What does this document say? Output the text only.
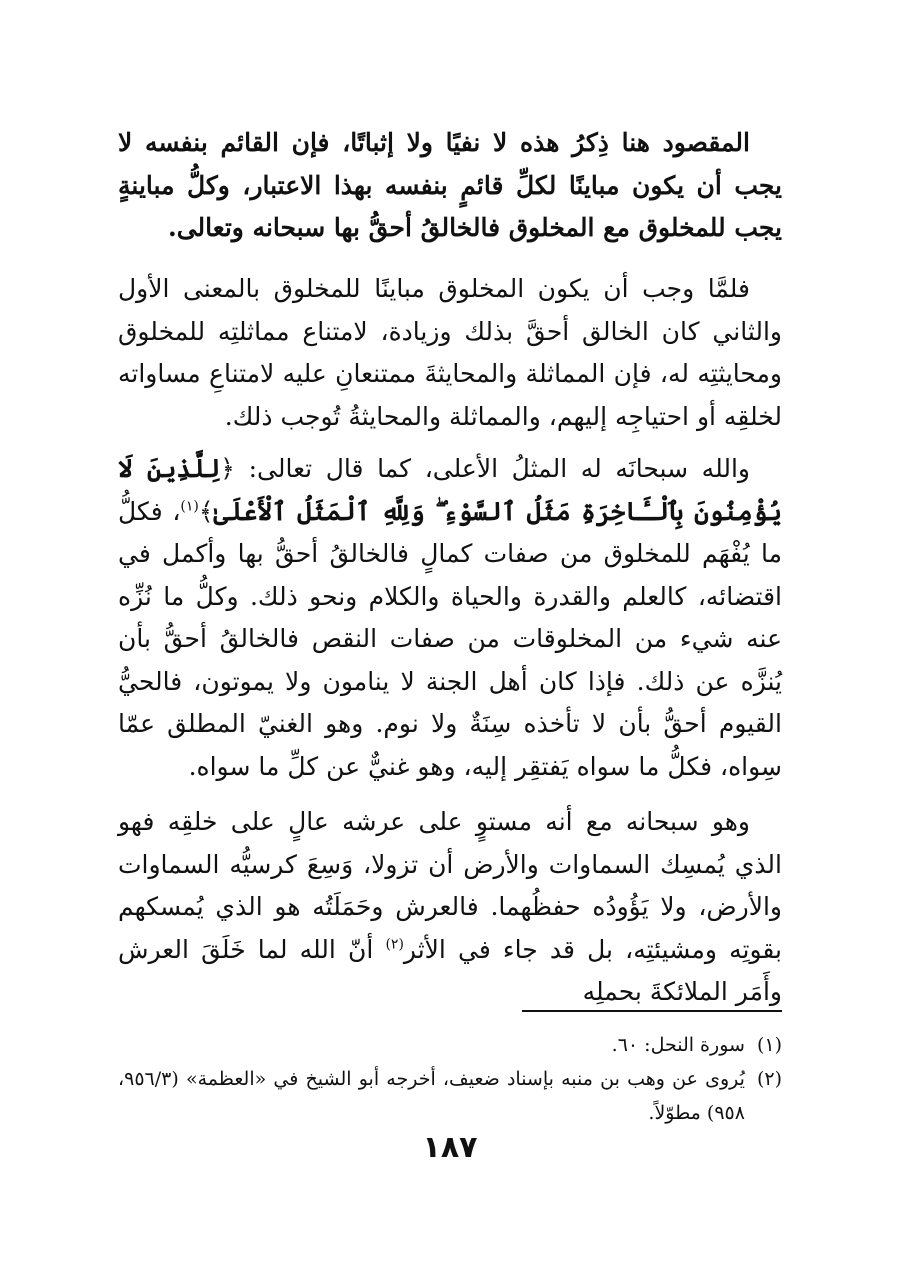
المقصود هنا ذِكرُ هذه لا نفيًا ولا إثباتًا، فإن القائم بنفسه لا يجب أن يكون مباينًا لكلِّ قائمٍ بنفسه بهذا الاعتبار، وكلُّ مباينةٍ يجب للمخلوق مع المخلوق فالخالقُ أحقُّ بها سبحانه وتعالى.

فلمَّا وجب أن يكون المخلوق مباينًا للمخلوق بالمعنى الأول والثاني كان الخالق أحقَّ بذلك وزيادة، لامتناع مماثلتِه للمخلوق ومحايثتِه له، فإن المماثلة والمحايثةَ ممتنعانِ عليه لامتناعِ مساواته لخلقِه أو احتياجِه إليهم، والمماثلة والمحايثةُ تُوجب ذلك.

والله سبحانَه له المثلُ الأعلى، كما قال تعالى: ﴿لِلَّذِينَ لَا يُؤْمِنُونَ بِٱلْـَٔاخِرَةِ مَثَلُ ٱلسَّوْءِ ۖ وَلِلَّهِ ٱلْمَثَلُ ٱلْأَعْلَىٰ﴾$^{(١)}$، فكلُّ ما يُفْهَم للمخلوق من صفات كمالٍ فالخالقُ أحقُّ بها وأكمل في اقتضائه، كالعلم والقدرة والحياة والكلام ونحو ذلك. وكلُّ ما نُزِّه عنه شيء من المخلوقات من صفات النقص فالخالقُ أحقُّ بأن يُنزَّه عن ذلك. فإذا كان أهل الجنة لا ينامون ولا يموتون، فالحيُّ القيوم أحقُّ بأن لا تأخذه سِنَةٌ ولا نوم. وهو الغنيّ المطلق عمّا سِواه، فكلُّ ما سواه يَفتقِر إليه، وهو غنيٌّ عن كلِّ ما سواه.

وهو سبحانه مع أنه مستوٍ على عرشه عالٍ على خلقِه فهو الذي يُمسِك السماوات والأرض أن تزولا، وَسِعَ كرسيُّه السماوات والأرض، ولا يَؤُودُه حفظُهما. فالعرش وحَمَلَتُه هو الذي يُمسكهم بقوتِه ومشيئتِه، بل قد جاء في الأثر$^{(٢)}$ أنّ الله لما خَلَقَ العرش وأَمَر الملائكةَ بحملِه

(١)
سورة النحل: ٦٠.
(٢)
يُروى عن وهب بن منبه بإسناد ضعيف، أخرجه أبو الشيخ في «العظمة» (٩٥٦/٣، ٩٥٨) مطوّلاً.
١٨٧
